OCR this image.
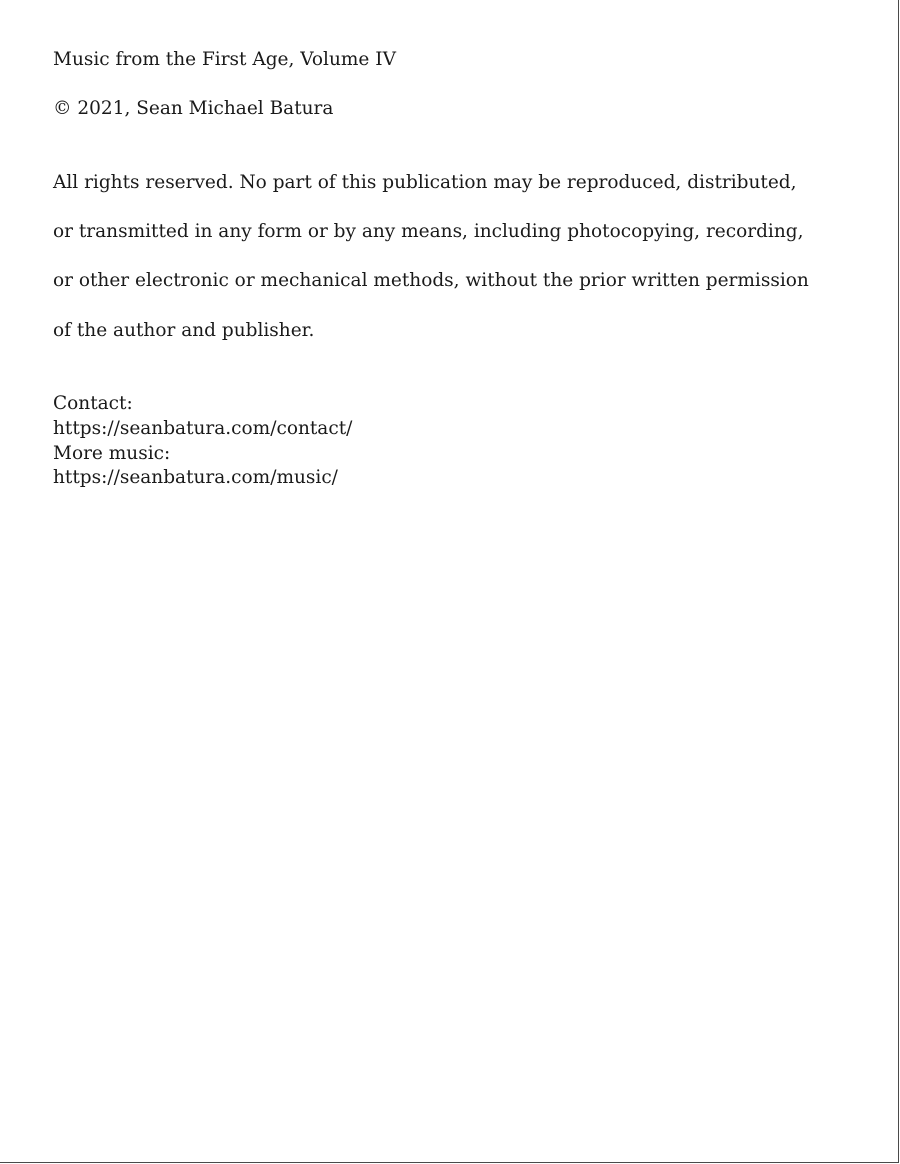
Music from the First Age, Volume IV

© 2021, Sean Michael Batura

All rights reserved. No part of this publication may be reproduced, distributed,

or transmitted in any form or by any means, including photocopying, recording,

or other electronic or mechanical methods, without the prior written permission

of the author and publisher.

Contact:
https://seanbatura.com/contact/
More music:
https://seanbatura.com/music/
